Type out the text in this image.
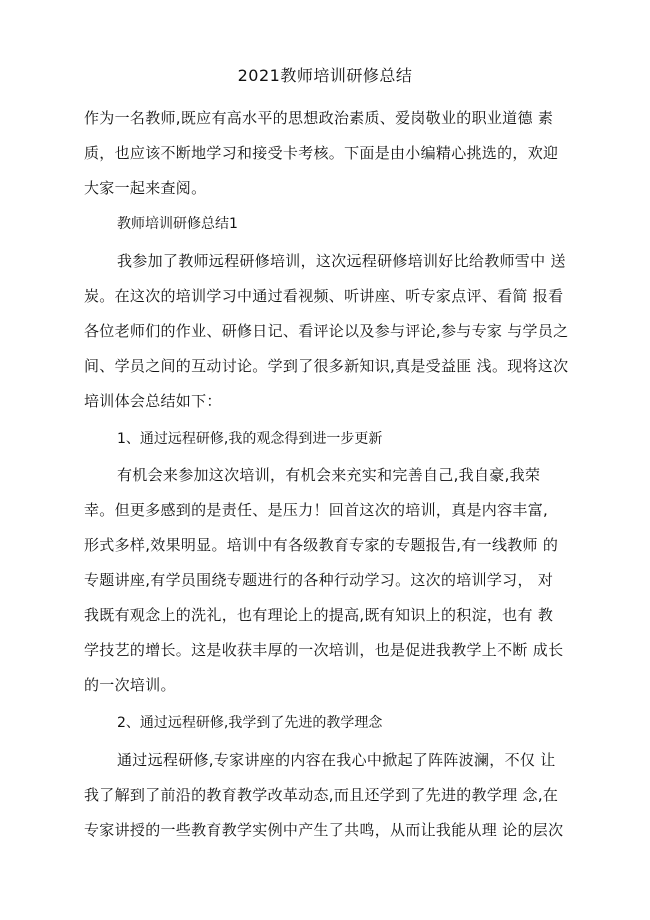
2021教师培训研修总结
作为一名教师,既应有高水平的思想政治素质、爱岗敬业的职业道德 素
质，也应该不断地学习和接受卡考核。下面是由小编精心挑选的，欢迎
大家一起来查阅。
教师培训研修总结1
我参加了教师远程研修培训，这次远程研修培训好比给教师雪中 送
炭。在这次的培训学习中通过看视频、听讲座、听专家点评、看简 报看
各位老师们的作业、研修日记、看评论以及参与评论,参与专家 与学员之
间、学员之间的互动讨论。学到了很多新知识,真是受益匪 浅。现将这次
培训体会总结如下：
1、通过远程研修,我的观念得到进一步更新
有机会来参加这次培训，有机会来充实和完善自己,我自豪,我荣
幸。但更多感到的是责任、是压力！回首这次的培训，真是内容丰富,
形式多样,效果明显。培训中有各级教育专家的专题报告,有一线教师 的
专题讲座,有学员围绕专题进行的各种行动学习。这次的培训学习， 对
我既有观念上的洗礼，也有理论上的提高,既有知识上的积淀，也有 教
学技艺的增长。这是收获丰厚的一次培训，也是促进我教学上不断 成长
的一次培训。
2、通过远程研修,我学到了先进的教学理念
通过远程研修,专家讲座的内容在我心中掀起了阵阵波澜，不仅 让
我了解到了前沿的教育教学改革动态,而且还学到了先进的教学理 念,在
专家讲授的一些教育教学实例中产生了共鸣，从而让我能从理 论的层次
